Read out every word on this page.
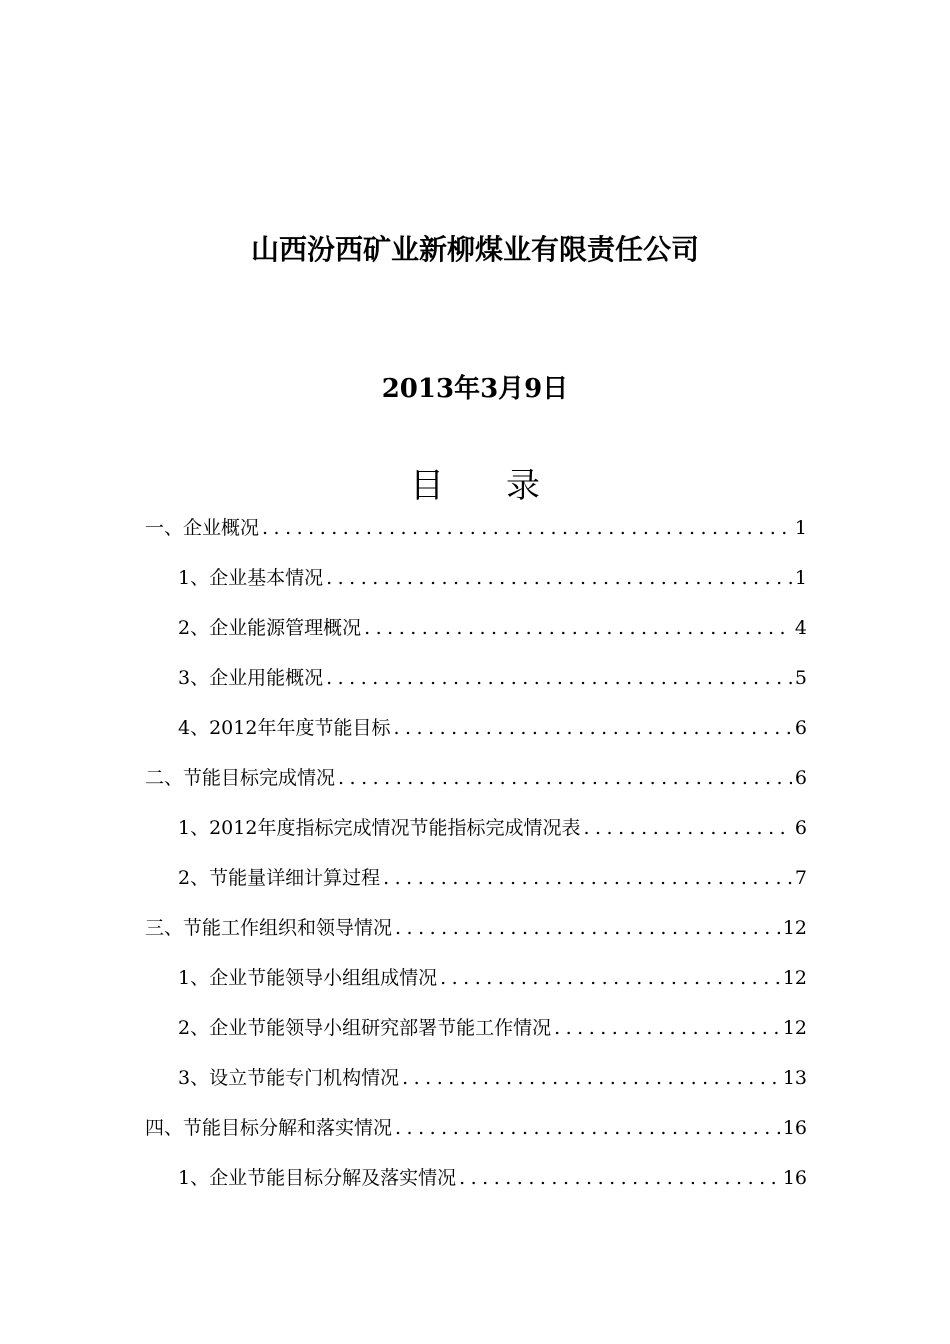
山西汾西矿业新柳煤业有限责任公司
2013年3月9日
目 录
一、企业概况 .....	1
1、企业基本情况 .....	1
2、企业能源管理概况 .....	4
3、企业用能概况 .....	5
4、2012年年度节能目标 .....	6
二、节能目标完成情况 .....	6
1、2012年度指标完成情况节能指标完成情况表 .....	6
2、节能量详细计算过程 .....	7
三、节能工作组织和领导情况 .....	12
1、企业节能领导小组组成情况 .....	12
2、企业节能领导小组研究部署节能工作情况 .....	12
3、设立节能专门机构情况 .....	13
四、节能目标分解和落实情况 .....	16
1、企业节能目标分解及落实情况 .....	16
